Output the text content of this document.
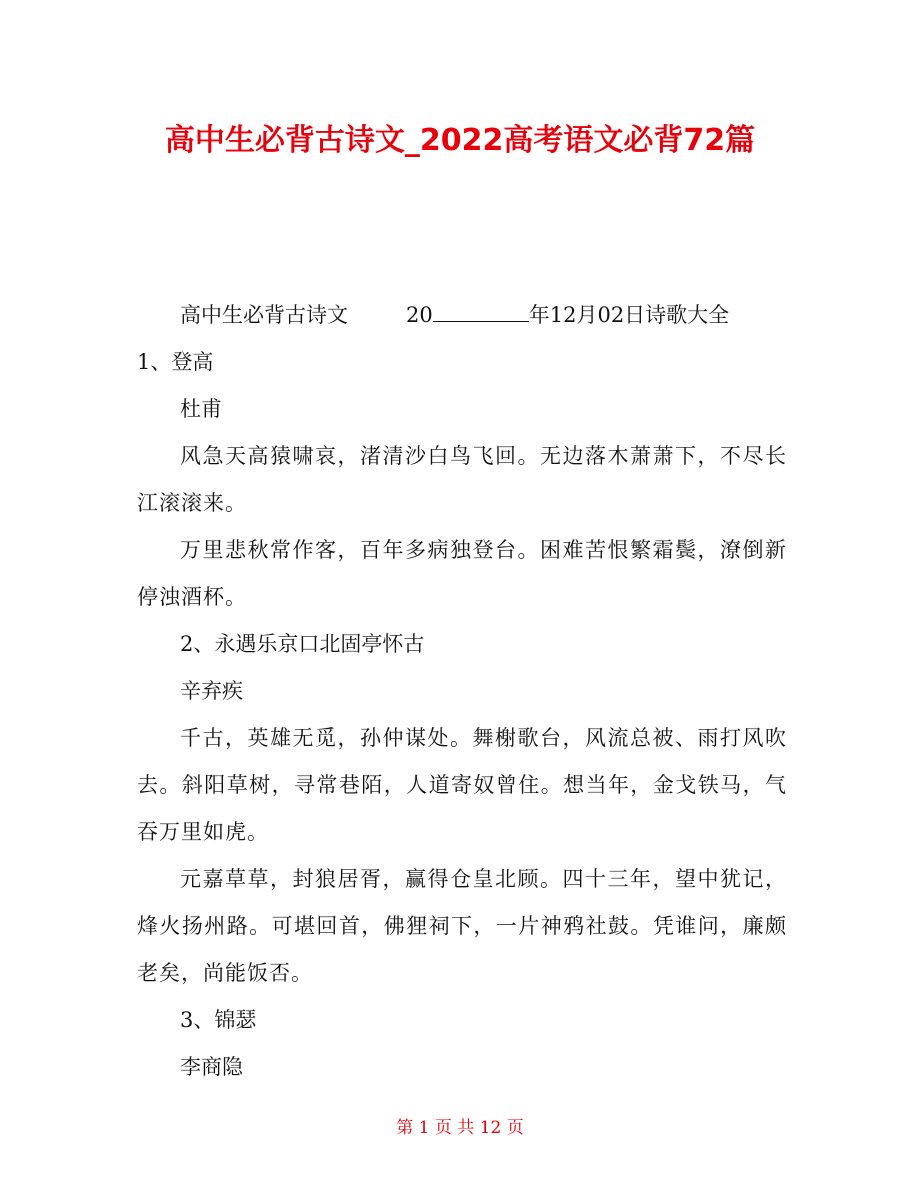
高中生必背古诗文_2022高考语文必背72篇
高中生必背古诗文	20	年12月02日诗歌大全
1、登高
杜甫
风急天高猿啸哀，渚清沙白鸟飞回。无边落木萧萧下，不尽长江滚滚来。
万里悲秋常作客，百年多病独登台。困难苦恨繁霜鬓，潦倒新停浊酒杯。
2、永遇乐京口北固亭怀古
辛弃疾
千古，英雄无觅，孙仲谋处。舞榭歌台，风流总被、雨打风吹去。斜阳草树，寻常巷陌，人道寄奴曾住。想当年，金戈铁马，气吞万里如虎。
元嘉草草，封狼居胥，赢得仓皇北顾。四十三年，望中犹记，烽火扬州路。可堪回首，佛狸祠下，一片神鸦社鼓。凭谁问，廉颇老矣，尚能饭否。
3、锦瑟
李商隐
第 1 页 共 12 页
